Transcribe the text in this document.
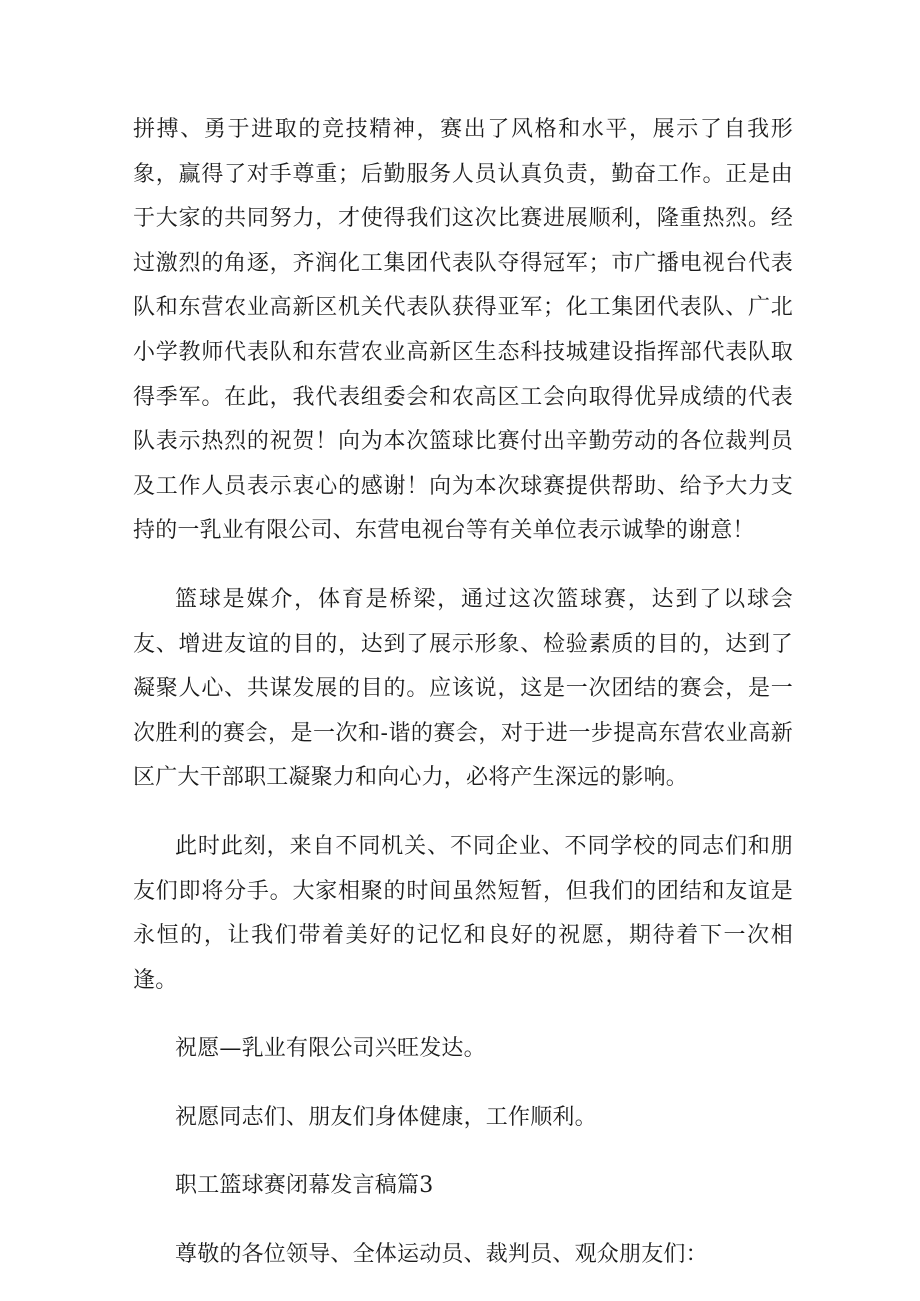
拼搏、勇于进取的竞技精神，赛出了风格和水平，展示了自我形象，赢得了对手尊重；后勤服务人员认真负责，勤奋工作。正是由于大家的共同努力，才使得我们这次比赛进展顺利，隆重热烈。经过激烈的角逐，齐润化工集团代表队夺得冠军；市广播电视台代表队和东营农业高新区机关代表队获得亚军；化工集团代表队、广北小学教师代表队和东营农业高新区生态科技城建设指挥部代表队取得季军。在此，我代表组委会和农高区工会向取得优异成绩的代表队表示热烈的祝贺！向为本次篮球比赛付出辛勤劳动的各位裁判员及工作人员表示衷心的感谢！向为本次球赛提供帮助、给予大力支持的一乳业有限公司、东营电视台等有关单位表示诚挚的谢意！

篮球是媒介，体育是桥梁，通过这次篮球赛，达到了以球会友、增进友谊的目的，达到了展示形象、检验素质的目的，达到了凝聚人心、共谋发展的目的。应该说，这是一次团结的赛会，是一次胜利的赛会，是一次和-谐的赛会，对于进一步提高东营农业高新区广大干部职工凝聚力和向心力，必将产生深远的影响。

此时此刻，来自不同机关、不同企业、不同学校的同志们和朋友们即将分手。大家相聚的时间虽然短暂，但我们的团结和友谊是永恒的，让我们带着美好的记忆和良好的祝愿，期待着下一次相逢。

祝愿—乳业有限公司兴旺发达。

祝愿同志们、朋友们身体健康，工作顺利。

职工篮球赛闭幕发言稿篇3

尊敬的各位领导、全体运动员、裁判员、观众朋友们：
